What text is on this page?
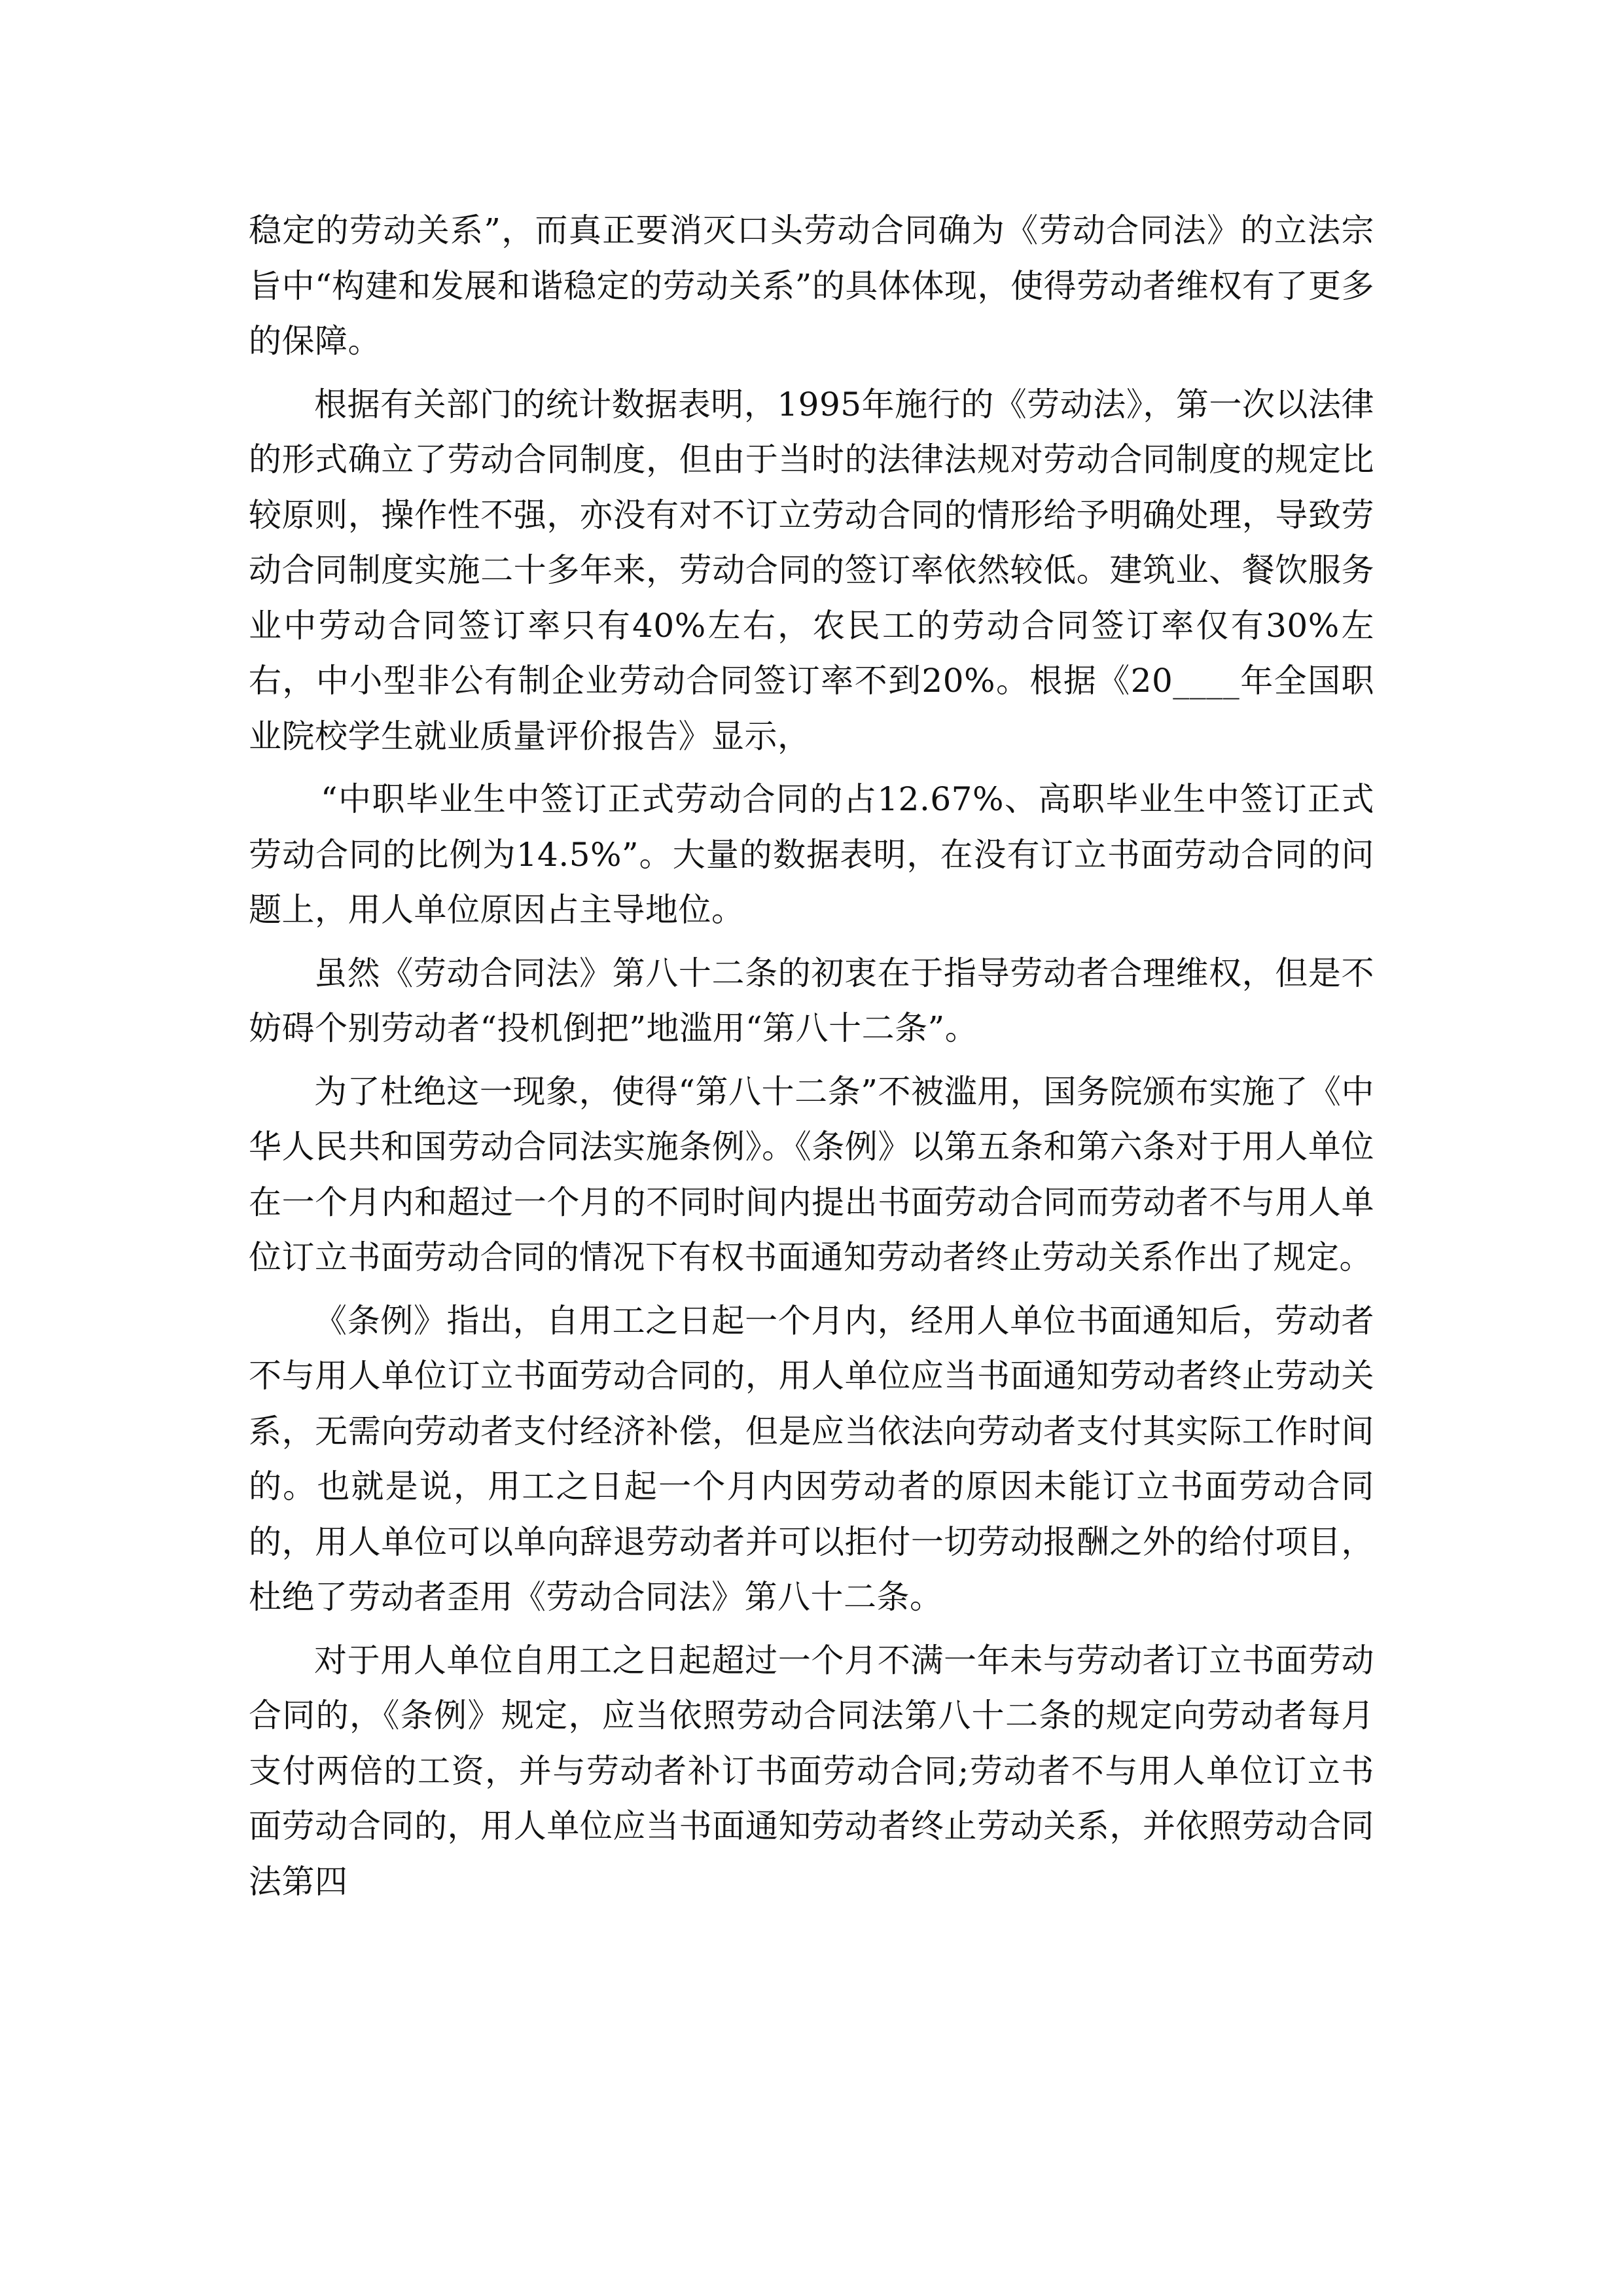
稳定的劳动关系”，而真正要消灭口头劳动合同确为《劳动合同法》的立法宗旨中“构建和发展和谐稳定的劳动关系”的具体体现，使得劳动者维权有了更多的保障。

根据有关部门的统计数据表明，1995年施行的《劳动法》，第一次以法律的形式确立了劳动合同制度，但由于当时的法律法规对劳动合同制度的规定比较原则，操作性不强，亦没有对不订立劳动合同的情形给予明确处理，导致劳动合同制度实施二十多年来，劳动合同的签订率依然较低。建筑业、餐饮服务业中劳动合同签订率只有40%左右，农民工的劳动合同签订率仅有30%左右，中小型非公有制企业劳动合同签订率不到20%。根据《20____年全国职业院校学生就业质量评价报告》显示，

“中职毕业生中签订正式劳动合同的占12.67%、高职毕业生中签订正式劳动合同的比例为14.5%”。大量的数据表明，在没有订立书面劳动合同的问题上，用人单位原因占主导地位。

虽然《劳动合同法》第八十二条的初衷在于指导劳动者合理维权，但是不妨碍个别劳动者“投机倒把”地滥用“第八十二条”。

为了杜绝这一现象，使得“第八十二条”不被滥用，国务院颁布实施了《中华人民共和国劳动合同法实施条例》。《条例》以第五条和第六条对于用人单位在一个月内和超过一个月的不同时间内提出书面劳动合同而劳动者不与用人单位订立书面劳动合同的情况下有权书面通知劳动者终止劳动关系作出了规定。

《条例》指出，自用工之日起一个月内，经用人单位书面通知后，劳动者不与用人单位订立书面劳动合同的，用人单位应当书面通知劳动者终止劳动关系，无需向劳动者支付经济补偿，但是应当依法向劳动者支付其实际工作时间的。也就是说，用工之日起一个月内因劳动者的原因未能订立书面劳动合同的，用人单位可以单向辞退劳动者并可以拒付一切劳动报酬之外的给付项目，杜绝了劳动者歪用《劳动合同法》第八十二条。

对于用人单位自用工之日起超过一个月不满一年未与劳动者订立书面劳动合同的，《条例》规定，应当依照劳动合同法第八十二条的规定向劳动者每月支付两倍的工资，并与劳动者补订书面劳动合同;劳动者不与用人单位订立书面劳动合同的，用人单位应当书面通知劳动者终止劳动关系，并依照劳动合同法第四
